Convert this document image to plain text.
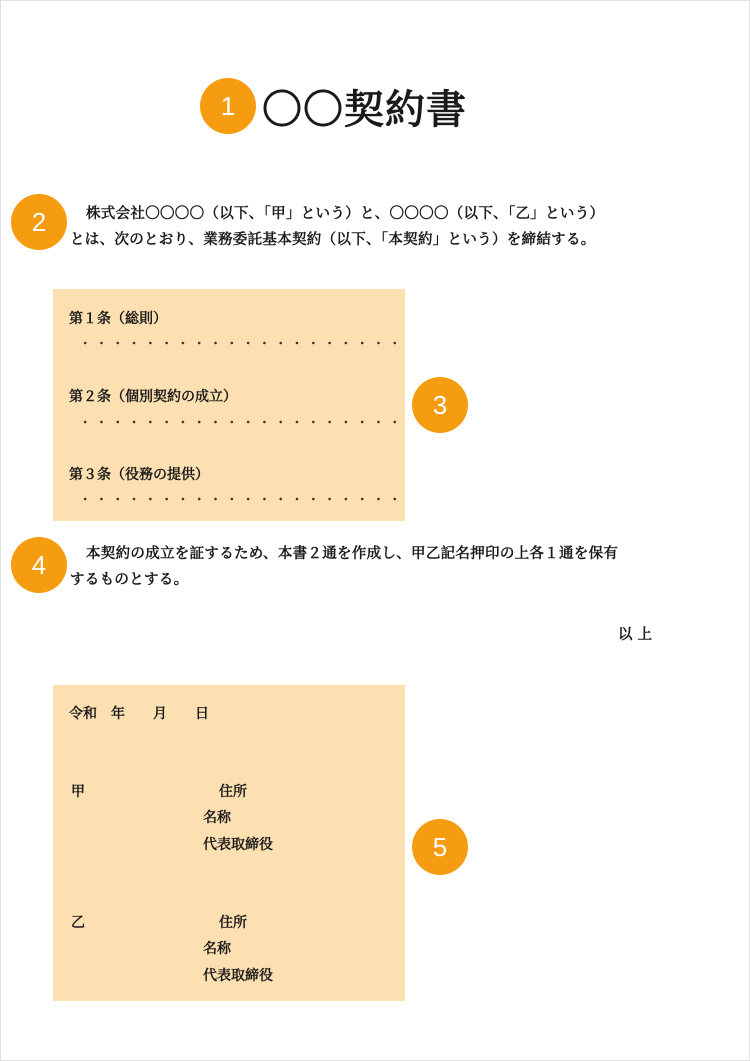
1 〇〇契約書
2	株式会社〇〇〇〇（以下、「甲」という）と、〇〇〇〇（以下、「乙」という）
とは、次のとおり、業務委託基本契約（以下、「本契約」という）を締結する。
第１条（総則）
第２条（個別契約の成立）
第３条（役務の提供）
3
4	本契約の成立を証するため、本書２通を作成し、甲乙記名押印の上各１通を保有
するものとする。
以 上
令和　年　　月　　日
甲	住所
名称
代表取締役
乙	住所
名称
代表取締役
5
